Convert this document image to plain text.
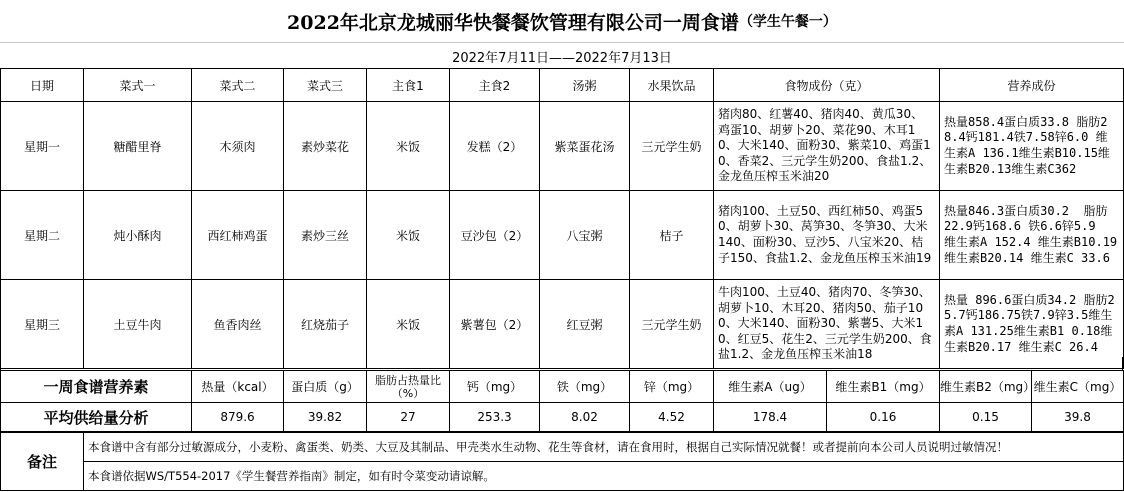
2022年北京龙城丽华快餐餐饮管理有限公司一周食谱 （学生午餐一）
2022年7月11日——2022年7月13日
日期	菜式一	菜式二	菜式三	主食1	主食2	汤粥	水果饮品	食物成份（克）	营养成份
星期一	糖醋里脊	木须肉	素炒菜花	米饭	发糕（2）	紫菜蛋花汤	三元学生奶	猪肉80、红薯40、猪肉40、黄瓜30、鸡蛋10、胡萝卜20、菜花90、木耳10、大米140、面粉30、紫菜10、鸡蛋10、香菜2、三元学生奶200、食盐1.2、金龙鱼压榨玉米油20	热量858.4蛋白质33.8 脂肪28.4钙181.4铁7.58锌6.0 维生素A 136.1维生素B10.15维生素B20.13维生素C362
星期二	炖小酥肉	西红柿鸡蛋	素炒三丝	米饭	豆沙包（2）	八宝粥	桔子	猪肉100、土豆50、西红柿50、鸡蛋50、胡萝卜30、莴笋30、冬笋30、大米140、面粉30、豆沙5、八宝米20、桔子150、食盐1.2、金龙鱼压榨玉米油19	热量846.3蛋白质30.2  脂肪 22.9钙168.6 铁6.6锌5.9  维生素A 152.4 维生素B10.19 维生素B20.14 维生素C 33.6
星期三	土豆牛肉	鱼香肉丝	红烧茄子	米饭	紫薯包（2）	红豆粥	三元学生奶	牛肉100、土豆40、猪肉70、冬笋30、胡萝卜10、木耳20、猪肉50、茄子100、大米140、面粉30、紫薯5、大米10、红豆5、花生2、三元学生奶200、食盐1.2、金龙鱼压榨玉米油18	热量 896.6蛋白质34.2 脂肪25.7钙186.75铁7.9锌3.5维生素A 131.25维生素B1 0.18维生素B20.17 维生素C 26.4
一周食谱营养素	热量（kcal）	蛋白质（g）	脂肪占热量比（%）	钙（mg）	铁（mg）	锌（mg）	维生素A（ug）	维生素B1（mg）	维生素B2（mg）	维生素C（mg）
平均供给量分析	879.6	39.82	27	253.3	8.02	4.52	178.4	0.16	0.15	39.8
备注	本食谱中含有部分过敏源成分，小麦粉、禽蛋类、奶类、大豆及其制品、甲壳类水生动物、花生等食材，请在食用时，根据自己实际情况就餐！或者提前向本公司人员说明过敏情况！
本食谱依据WS/T554-2017《学生餐营养指南》制定，如有时令菜变动请谅解。
